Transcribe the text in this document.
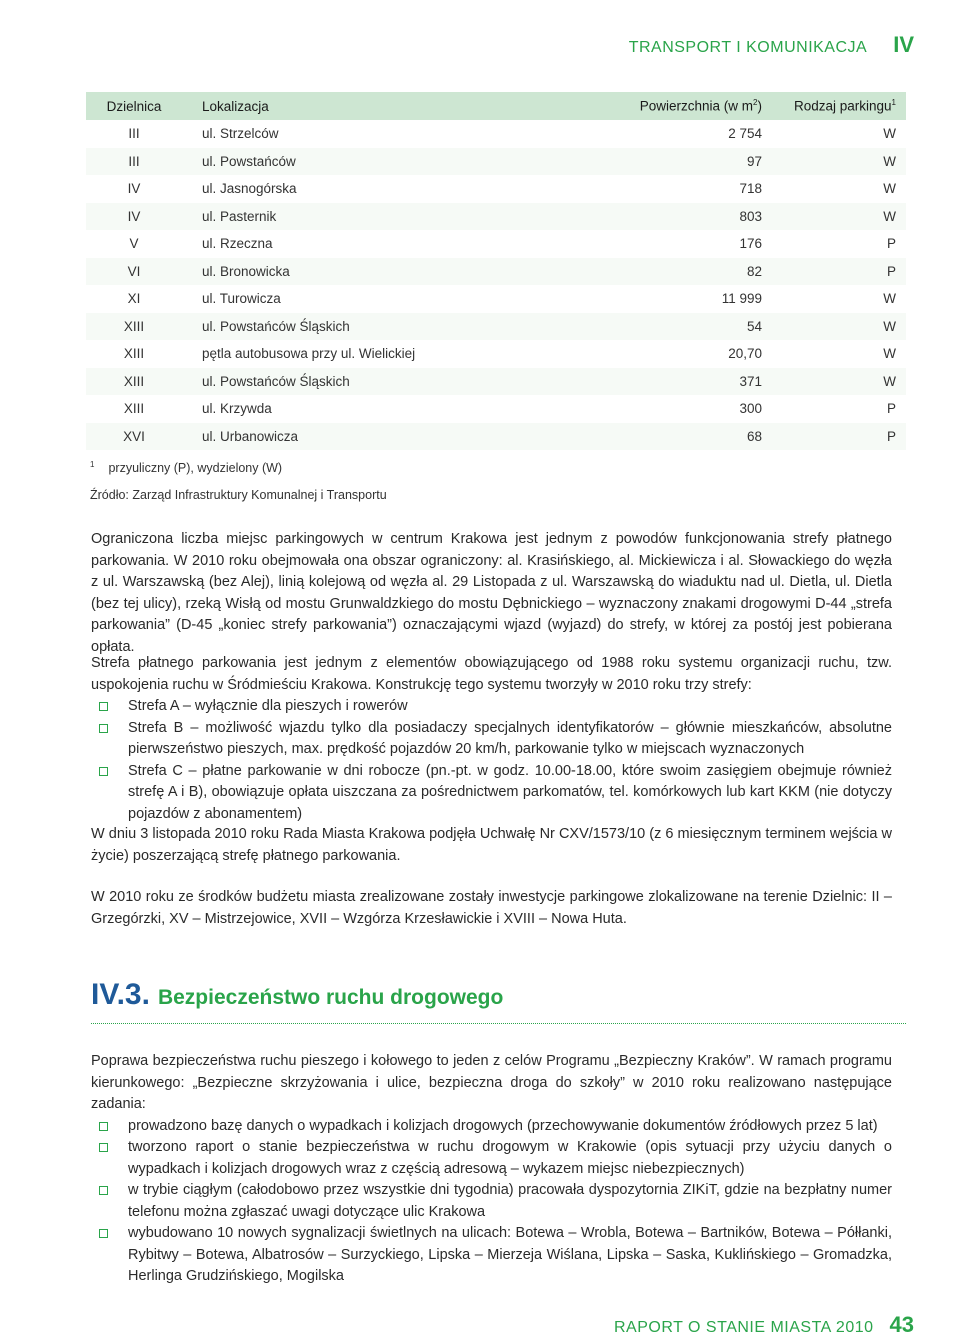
TRANSPORT I KOMUNIKACJA IV
Dzielnica	Lokalizacja	Powierzchnia (w $m^2$)	Rodzaj parkingu$^1$
III	ul. Strzelców	2 754	W
III	ul. Powstańców	97	W
IV	ul. Jasnogórska	718	W
IV	ul. Pasternik	803	W
V	ul. Rzeczna	176	P
VI	ul. Bronowicka	82	P
XI	ul. Turowicza	11 999	W
XIII	ul. Powstańców Śląskich	54	W
XIII	pętla autobusowa przy ul. Wielickiej	20,70	W
XIII	ul. Powstańców Śląskich	371	W
XIII	ul. Krzywda	300	P
XVI	ul. Urbanowicza	68	P
$^1$ przyuliczny (P), wydzielony (W)
Źródło: Zarząd Infrastruktury Komunalnej i Transportu
Ograniczona liczba miejsc parkingowych w centrum Krakowa jest jednym z powodów funkcjonowania strefy płatnego parkowania. W 2010 roku obejmowała ona obszar ograniczony: al. Krasińskiego, al. Mickiewicza i al. Słowackiego do węzła z ul. Warszawską (bez Alej), linią kolejową od węzła al. 29 Listopada z ul. Warszawską do wiaduktu nad ul. Dietla, ul. Dietla (bez tej ulicy), rzeką Wisłą od mostu Grunwaldzkiego do mostu Dębnickiego – wyznaczony znakami drogowymi D-44 „strefa parkowania” (D-45 „koniec strefy parkowania”) oznaczającymi wjazd (wyjazd) do strefy, w której za postój jest pobierana opłata.
Strefa płatnego parkowania jest jednym z elementów obowiązującego od 1988 roku systemu organizacji ruchu, tzw. uspokojenia ruchu w Śródmieściu Krakowa. Konstrukcję tego systemu tworzyły w 2010 roku trzy strefy:
Strefa A – wyłącznie dla pieszych i rowerów
Strefa B – możliwość wjazdu tylko dla posiadaczy specjalnych identyfikatorów – głównie mieszkańców, absolutne pierwszeństwo pieszych, max. prędkość pojazdów 20 km/h, parkowanie tylko w miejscach wyznaczonych
Strefa C – płatne parkowanie w dni robocze (pn.-pt. w godz. 10.00-18.00, które swoim zasięgiem obejmuje również strefę A i B), obowiązuje opłata uiszczana za pośrednictwem parkomatów, tel. komórkowych lub kart KKM (nie dotyczy pojazdów z abonamentem)
W dniu 3 listopada 2010 roku Rada Miasta Krakowa podjęła Uchwałę Nr CXV/1573/10 (z 6 miesięcznym terminem wejścia w życie) poszerzającą strefę płatnego parkowania.
W 2010 roku ze środków budżetu miasta zrealizowane zostały inwestycje parkingowe zlokalizowane na terenie Dzielnic: II – Grzegórzki, XV – Mistrzejowice, XVII – Wzgórza Krzesławickie i XVIII – Nowa Huta.
IV.3. Bezpieczeństwo ruchu drogowego
Poprawa bezpieczeństwa ruchu pieszego i kołowego to jeden z celów Programu „Bezpieczny Kraków”. W ramach programu kierunkowego: „Bezpieczne skrzyżowania i ulice, bezpieczna droga do szkoły” w 2010 roku realizowano następujące zadania:
prowadzono bazę danych o wypadkach i kolizjach drogowych (przechowywanie dokumentów źródłowych przez 5 lat)
tworzono raport o stanie bezpieczeństwa w ruchu drogowym w Krakowie (opis sytuacji przy użyciu danych o wypadkach i kolizjach drogowych wraz z częścią adresową – wykazem miejsc niebezpiecznych)
w trybie ciągłym (całodobowo przez wszystkie dni tygodnia) pracowała dyspozytornia ZIKiT, gdzie na bezpłatny numer telefonu można zgłaszać uwagi dotyczące ulic Krakowa
wybudowano 10 nowych sygnalizacji świetlnych na ulicach: Botewa – Wrobla, Botewa – Bartników, Botewa – Półłanki, Rybitwy – Botewa, Albatrosów – Surzyckiego, Lipska – Mierzeja Wiślana, Lipska – Saska, Kuklińskiego – Gromadzka, Herlinga Grudzińskiego, Mogilska
RAPORT O STANIE MIASTA 2010 43
